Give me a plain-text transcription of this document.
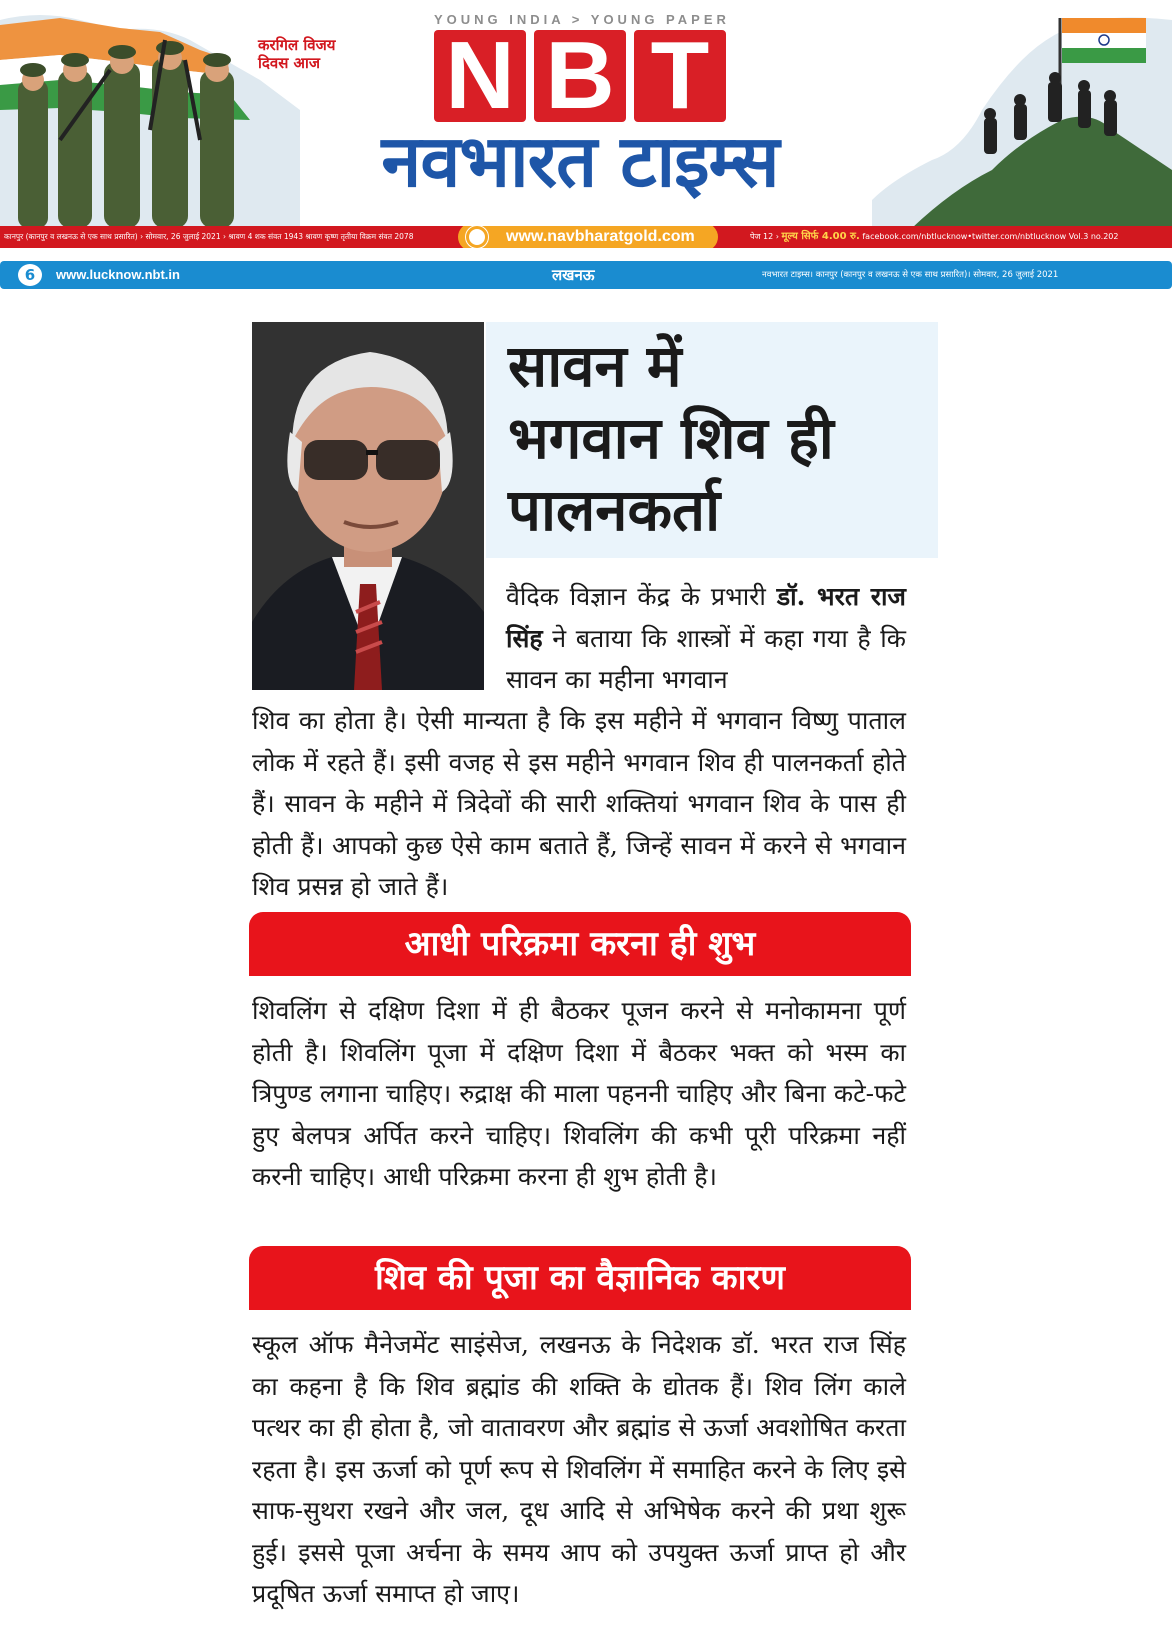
करगिल विजय
दिवस आज
YOUNG INDIA > YOUNG PAPER
N B T
नवभारत टाइम्स
कानपुर (कानपुर व लखनऊ से एक साथ प्रसारित) › सोमवार, 26 जुलाई 2021 › श्रावण 4 शक संवत 1943 श्रावण कृष्ण तृतीया विक्रम संवत 2078	www.navbharatgold.com	पेज 12 › मूल्य सिर्फ 4.00 रु. facebook.com/nbtlucknow•twitter.com/nbtlucknow Vol.3 no.202
6	www.lucknow.nbt.in	लखनऊ	नवभारत टाइम्स। कानपुर (कानपुर व लखनऊ से एक साथ प्रसारित)। सोमवार, 26 जुलाई 2021
सावन में
भगवान शिव ही
पालनकर्ता

वैदिक विज्ञान केंद्र के प्रभारी डॉ. भरत राज सिंह ने बताया कि शास्त्रों में कहा गया है कि सावन का महीना भगवान

शिव का होता है। ऐसी मान्यता है कि इस महीने में भगवान विष्णु पाताल लोक में रहते हैं। इसी वजह से इस महीने भगवान शिव ही पालनकर्ता होते हैं। सावन के महीने में त्रिदेवों की सारी शक्तियां भगवान शिव के पास ही होती हैं। आपको कुछ ऐसे काम बताते हैं, जिन्हें सावन में करने से भगवान शिव प्रसन्न हो जाते हैं।

आधी परिक्रमा करना ही शुभ

शिवलिंग से दक्षिण दिशा में ही बैठकर पूजन करने से मनोकामना पूर्ण होती है। शिवलिंग पूजा में दक्षिण दिशा में बैठकर भक्त को भस्म का त्रिपुण्ड लगाना चाहिए। रुद्राक्ष की माला पहननी चाहिए और बिना कटे-फटे हुए बेलपत्र अर्पित करने चाहिए। शिवलिंग की कभी पूरी परिक्रमा नहीं करनी चाहिए। आधी परिक्रमा करना ही शुभ होती है।

शिव की पूजा का वैज्ञानिक कारण

स्कूल ऑफ मैनेजमेंट साइंसेज, लखनऊ के निदेशक डॉ. भरत राज सिंह का कहना है कि शिव ब्रह्मांड की शक्ति के द्योतक हैं। शिव लिंग काले पत्थर का ही होता है, जो वातावरण और ब्रह्मांड से ऊर्जा अवशोषित करता रहता है। इस ऊर्जा को पूर्ण रूप से शिवलिंग में समाहित करने के लिए इसे साफ-सुथरा रखने और जल, दूध आदि से अभिषेक करने की प्रथा शुरू हुई। इससे पूजा अर्चना के समय आप को उपयुक्त ऊर्जा प्राप्त हो और प्रदूषित ऊर्जा समाप्त हो जाए।
